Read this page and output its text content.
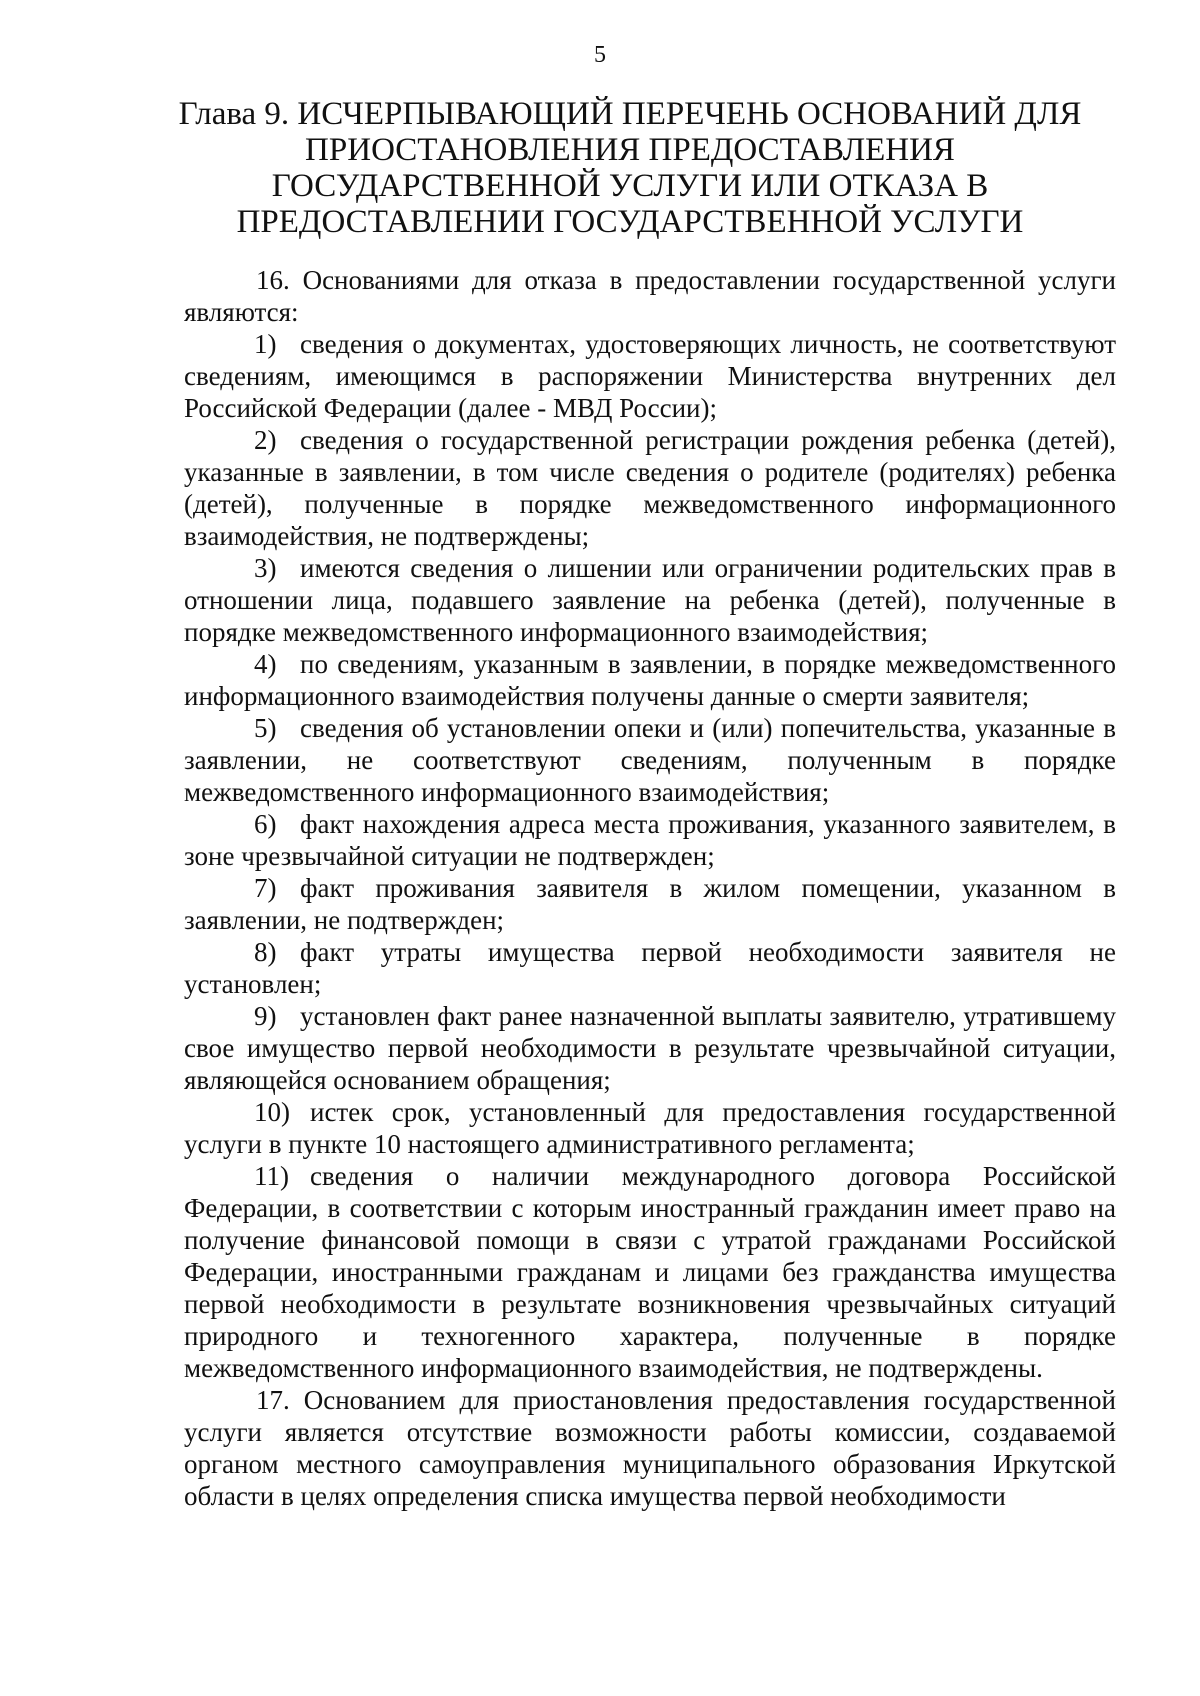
5
Глава 9. ИСЧЕРПЫВАЮЩИЙ ПЕРЕЧЕНЬ ОСНОВАНИЙ ДЛЯ ПРИОСТАНОВЛЕНИЯ ПРЕДОСТАВЛЕНИЯ ГОСУДАРСТВЕННОЙ УСЛУГИ ИЛИ ОТКАЗА В ПРЕДОСТАВЛЕНИИ ГОСУДАРСТВЕННОЙ УСЛУГИ

16. Основаниями для отказа в предоставлении государственной услуги являются:

1) сведения о документах, удостоверяющих личность, не соответствуют сведениям, имеющимся в распоряжении Министерства внутренних дел Российской Федерации (далее - МВД России);

2) сведения о государственной регистрации рождения ребенка (детей), указанные в заявлении, в том числе сведения о родителе (родителях) ребенка (детей), полученные в порядке межведомственного информационного взаимодействия, не подтверждены;

3) имеются сведения о лишении или ограничении родительских прав в отношении лица, подавшего заявление на ребенка (детей), полученные в порядке межведомственного информационного взаимодействия;

4) по сведениям, указанным в заявлении, в порядке межведомственного информационного взаимодействия получены данные о смерти заявителя;

5) сведения об установлении опеки и (или) попечительства, указанные в заявлении, не соответствуют сведениям, полученным в порядке межведомственного информационного взаимодействия;

6) факт нахождения адреса места проживания, указанного заявителем, в зоне чрезвычайной ситуации не подтвержден;

7) факт проживания заявителя в жилом помещении, указанном в заявлении, не подтвержден;

8) факт утраты имущества первой необходимости заявителя не установлен;

9) установлен факт ранее назначенной выплаты заявителю, утратившему свое имущество первой необходимости в результате чрезвычайной ситуации, являющейся основанием обращения;

10) истек срок, установленный для предоставления государственной услуги в пункте 10 настоящего административного регламента;

11) сведения о наличии международного договора Российской Федерации, в соответствии с которым иностранный гражданин имеет право на получение финансовой помощи в связи с утратой гражданами Российской Федерации, иностранными гражданам и лицами без гражданства имущества первой необходимости в результате возникновения чрезвычайных ситуаций природного и техногенного характера, полученные в порядке межведомственного информационного взаимодействия, не подтверждены.

17. Основанием для приостановления предоставления государственной услуги является отсутствие возможности работы комиссии, создаваемой органом местного самоуправления муниципального образования Иркутской области в целях определения списка имущества первой необходимости
